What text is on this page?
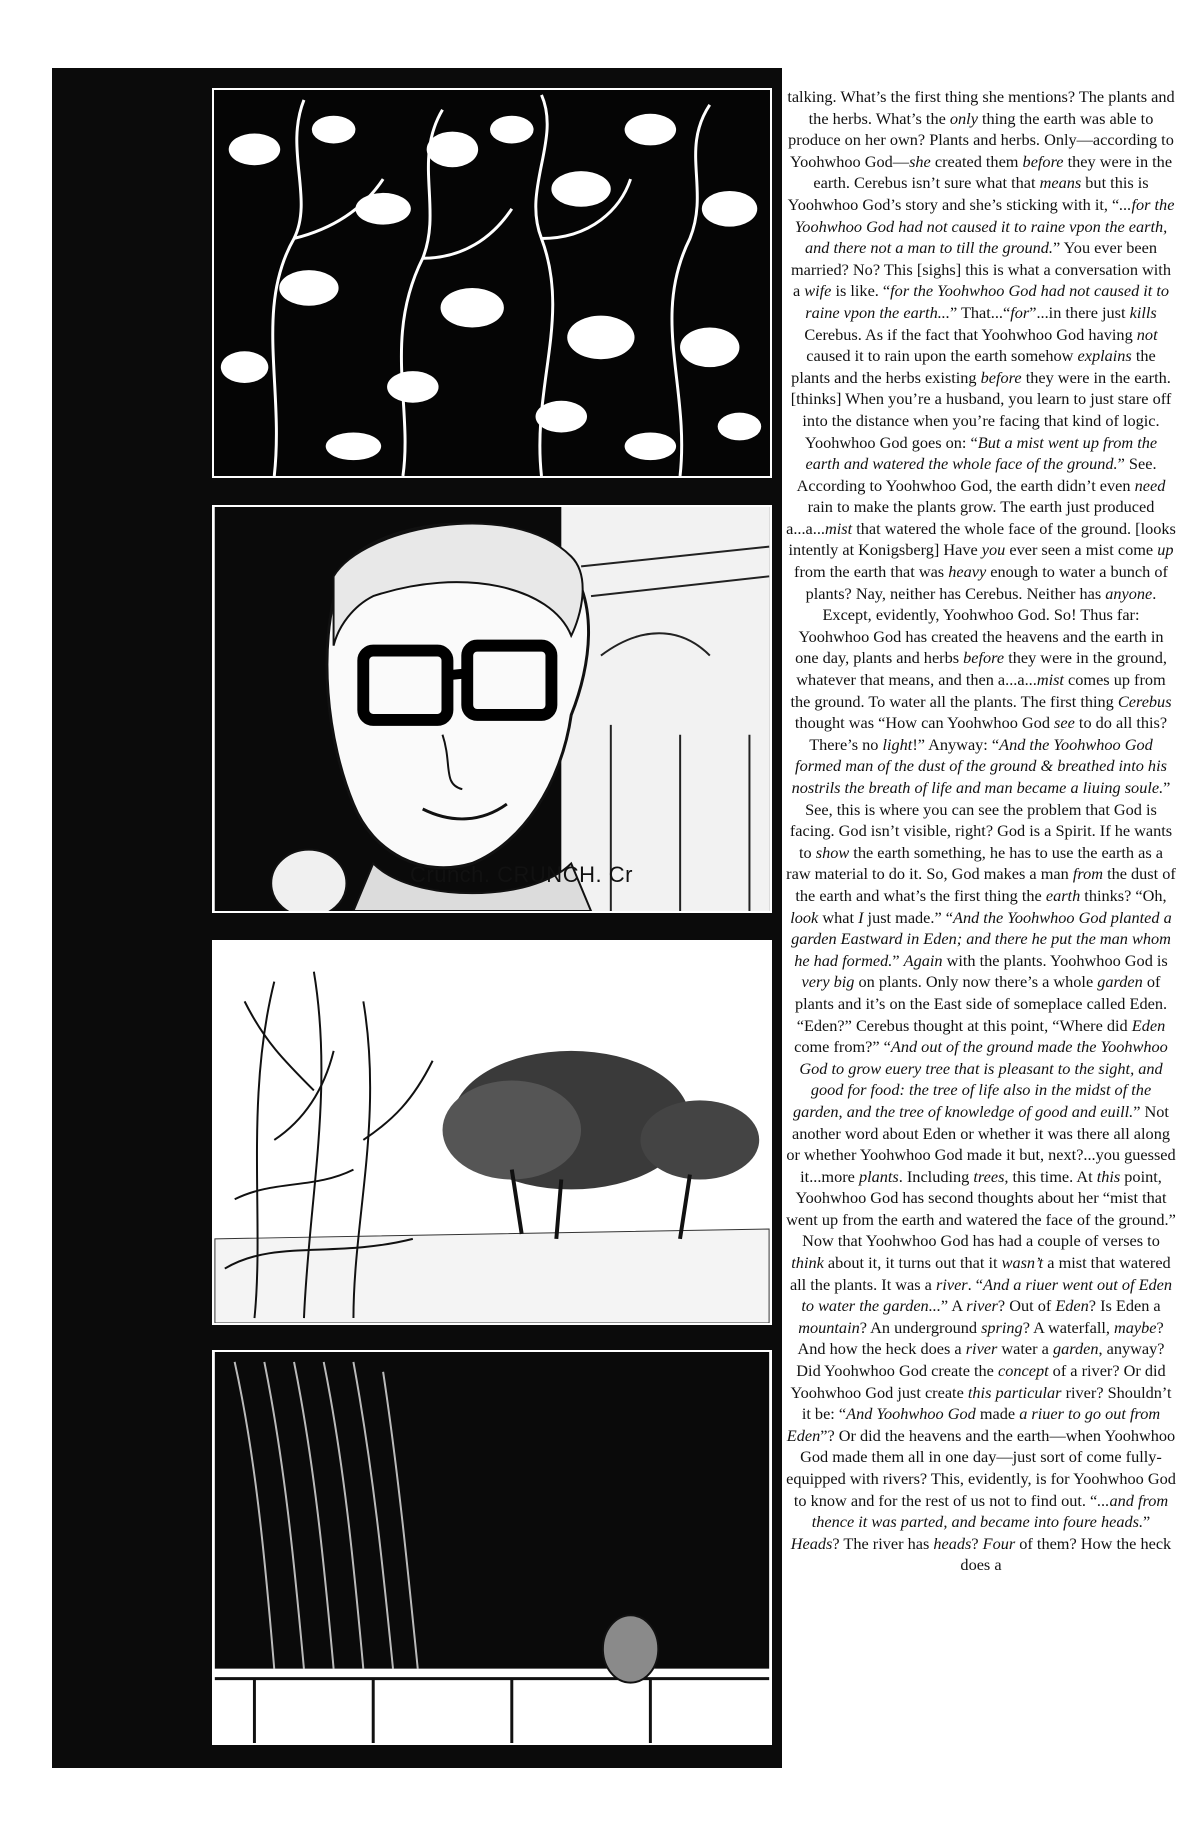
Crunch. CRUNCH. Cr

talking. What’s the first thing she mentions? The plants and the herbs. What’s the only thing the earth was able to produce on her own? Plants and herbs. Only—according to Yoohwhoo God—she created them before they were in the earth. Cerebus isn’t sure what that means but this is Yoohwhoo God’s story and she’s sticking with it, “...for the Yoohwhoo God had not caused it to raine vpon the earth, and there not a man to till the ground.” You ever been married? No? This [sighs] this is what a conversation with a wife is like. “for the Yoohwhoo God had not caused it to raine vpon the earth...” That...“for”...in there just kills Cerebus. As if the fact that Yoohwhoo God having not caused it to rain upon the earth somehow explains the plants and the herbs existing before they were in the earth. [thinks] When you’re a husband, you learn to just stare off into the distance when you’re facing that kind of logic. Yoohwhoo God goes on: “But a mist went up from the earth and watered the whole face of the ground.” See. According to Yoohwhoo God, the earth didn’t even need rain to make the plants grow. The earth just produced a...a...mist that watered the whole face of the ground. [looks intently at Konigsberg] Have you ever seen a mist come up from the earth that was heavy enough to water a bunch of plants? Nay, neither has Cerebus. Neither has anyone. Except, evidently, Yoohwhoo God. So! Thus far: Yoohwhoo God has created the heavens and the earth in one day, plants and herbs before they were in the ground, whatever that means, and then a...a...mist comes up from the ground. To water all the plants. The first thing Cerebus thought was “How can Yoohwhoo God see to do all this? There’s no light!” Anyway: “And the Yoohwhoo God formed man of the dust of the ground & breathed into his nostrils the breath of life and man became a liuing soule.” See, this is where you can see the problem that God is facing. God isn’t visible, right? God is a Spirit. If he wants to show the earth something, he has to use the earth as a raw material to do it. So, God makes a man from the dust of the earth and what’s the first thing the earth thinks? “Oh, look what I just made.” “And the Yoohwhoo God planted a garden Eastward in Eden; and there he put the man whom he had formed.” Again with the plants. Yoohwhoo God is very big on plants. Only now there’s a whole garden of plants and it’s on the East side of someplace called Eden. “Eden?” Cerebus thought at this point, “Where did Eden come from?” “And out of the ground made the Yoohwhoo God to grow euery tree that is pleasant to the sight, and good for food: the tree of life also in the midst of the garden, and the tree of knowledge of good and euill.” Not another word about Eden or whether it was there all along or whether Yoohwhoo God made it but, next?...you guessed it...more plants. Including trees, this time. At this point, Yoohwhoo God has second thoughts about her “mist that went up from the earth and watered the face of the ground.” Now that Yoohwhoo God has had a couple of verses to think about it, it turns out that it wasn’t a mist that watered all the plants. It was a river. “And a riuer went out of Eden to water the garden...” A river? Out of Eden? Is Eden a mountain? An underground spring? A waterfall, maybe? And how the heck does a river water a garden, anyway? Did Yoohwhoo God create the concept of a river? Or did Yoohwhoo God just create this particular river? Shouldn’t it be: “And Yoohwhoo God made a riuer to go out from Eden”? Or did the heavens and the earth—when Yoohwhoo God made them all in one day—just sort of come fully-equipped with rivers? This, evidently, is for Yoohwhoo God to know and for the rest of us not to find out. “...and from thence it was parted, and became into foure heads.” Heads? The river has heads? Four of them? How the heck does a
